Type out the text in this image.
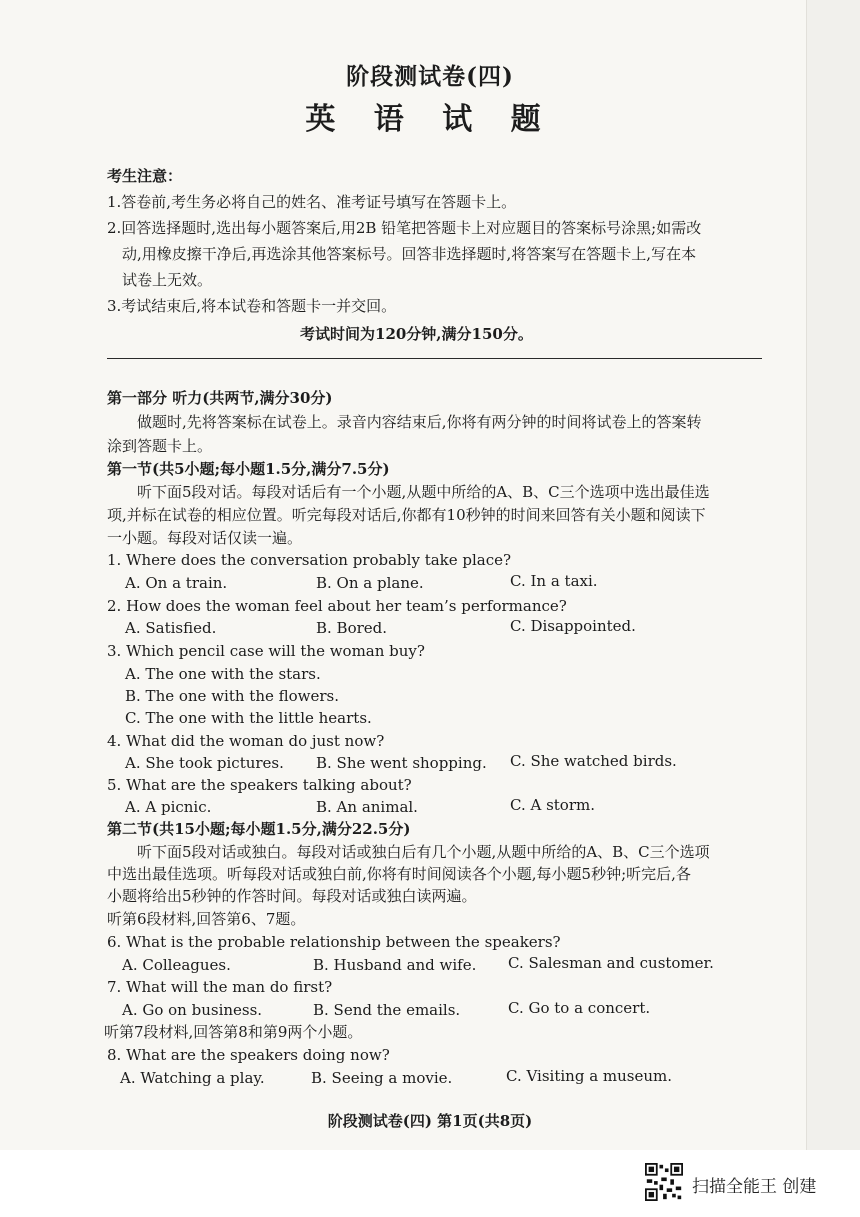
阶段测试卷(四)
英 语 试 题
考生注意：
1.答卷前,考生务必将自己的姓名、准考证号填写在答题卡上。
2.回答选择题时,选出每小题答案后,用2B 铅笔把答题卡上对应题目的答案标号涂黑;如需改
动,用橡皮擦干净后,再选涂其他答案标号。回答非选择题时,将答案写在答题卡上,写在本
试卷上无效。
3.考试结束后,将本试卷和答题卡一并交回。
考试时间为120分钟,满分150分。
第一部分 听力(共两节,满分30分)
做题时,先将答案标在试卷上。录音内容结束后,你将有两分钟的时间将试卷上的答案转
涂到答题卡上。
第一节(共5小题;每小题1.5分,满分7.5分)
听下面5段对话。每段对话后有一个小题,从题中所给的A、B、C三个选项中选出最佳选
项,并标在试卷的相应位置。听完每段对话后,你都有10秒钟的时间来回答有关小题和阅读下
一小题。每段对话仅读一遍。
1. Where does the conversation probably take place?
A. On a train.	B. On a plane.	C. In a taxi.
2. How does the woman feel about her team’s performance?
A. Satisfied.	B. Bored.	C. Disappointed.
3. Which pencil case will the woman buy?
A. The one with the stars.
B. The one with the flowers.
C. The one with the little hearts.
4. What did the woman do just now?
A. She took pictures. B. She went shopping. C. She watched birds.
5. What are the speakers talking about?
A. A picnic.	B. An animal.	C. A storm.
第二节(共15小题;每小题1.5分,满分22.5分)
听下面5段对话或独白。每段对话或独白后有几个小题,从题中所给的A、B、C三个选项
中选出最佳选项。听每段对话或独白前,你将有时间阅读各个小题,每小题5秒钟;听完后,各
小题将给出5秒钟的作答时间。每段对话或独白读两遍。
听第6段材料,回答第6、7题。
6. What is the probable relationship between the speakers?
A. Colleagues.	B. Husband and wife. C. Salesman and customer.
7. What will the man do first?
A. Go on business.	B. Send the emails.	C. Go to a concert.
听第7段材料,回答第8和第9两个小题。
8. What are the speakers doing now?
A. Watching a play.	B. Seeing a movie.	C. Visiting a museum.
阶段测试卷(四) 第1页(共8页)
扫描全能王 创建
